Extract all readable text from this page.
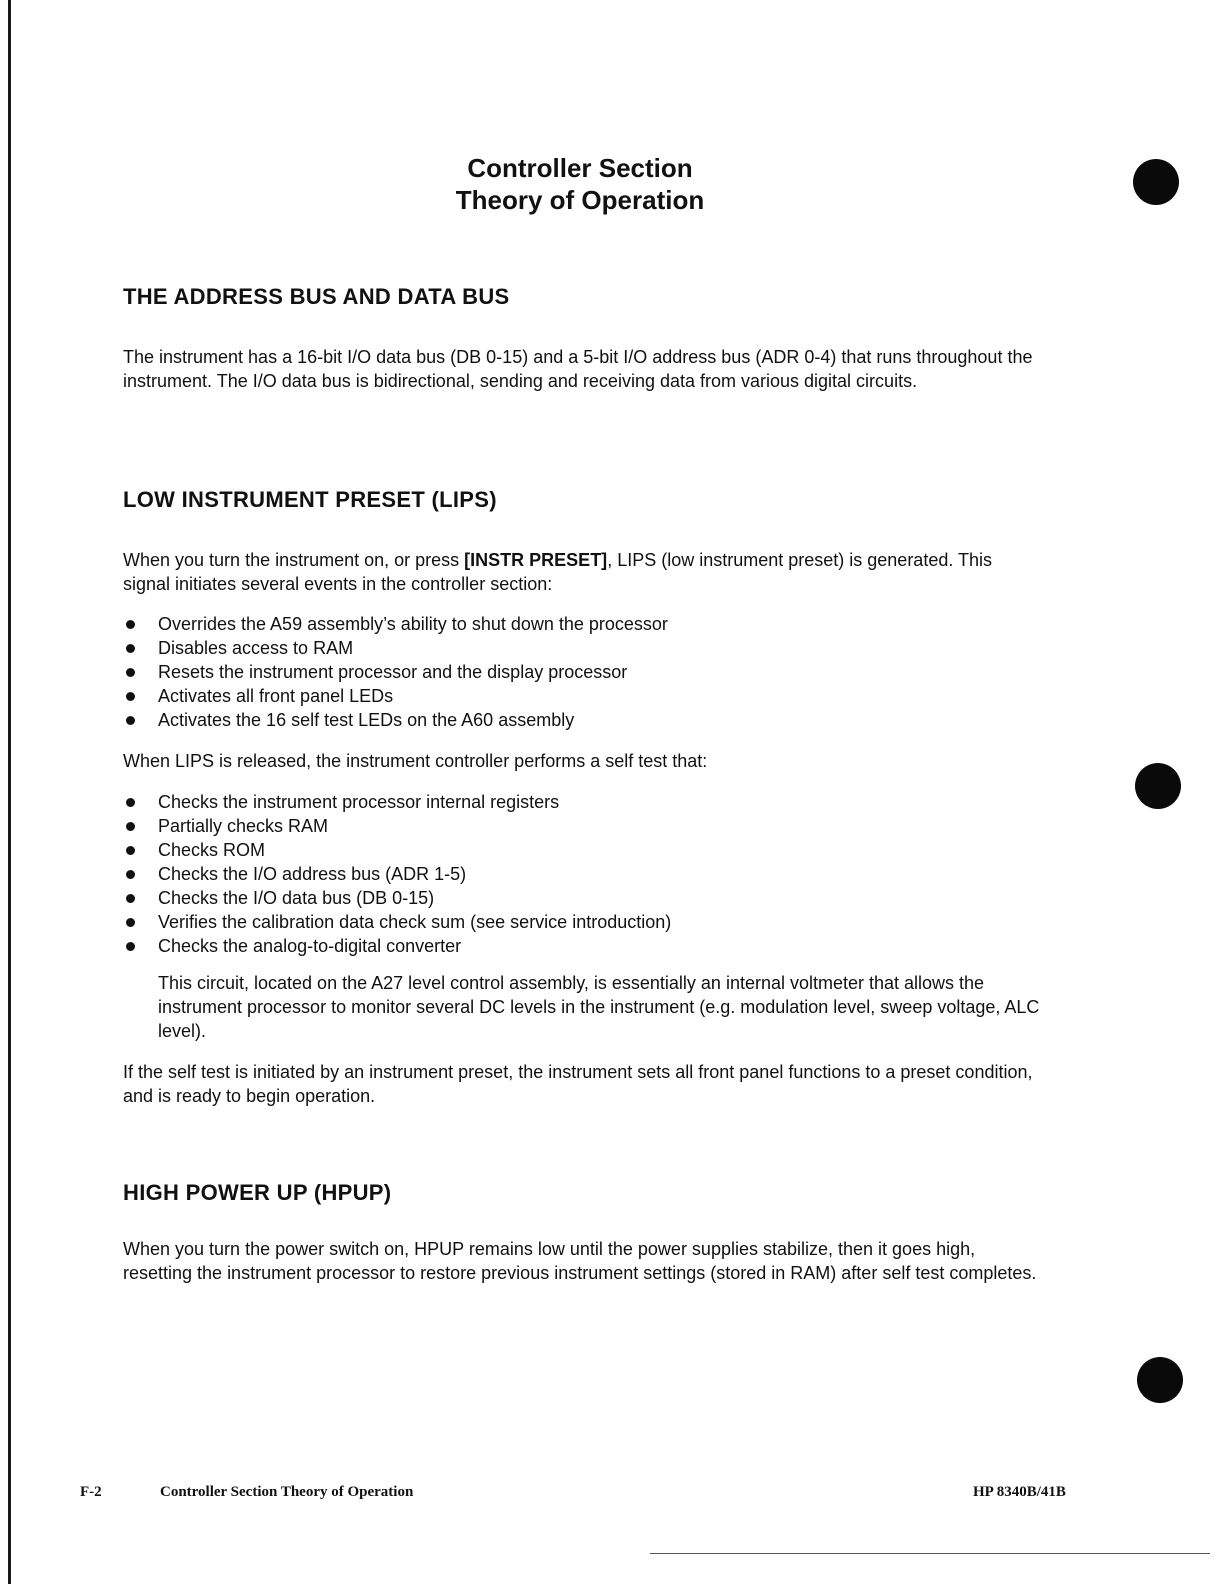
Controller Section
Theory of Operation
THE ADDRESS BUS AND DATA BUS
The instrument has a 16-bit I/O data bus (DB 0-15) and a 5-bit I/O address bus (ADR 0-4) that runs throughout the instrument. The I/O data bus is bidirectional, sending and receiving data from various digital circuits.
LOW INSTRUMENT PRESET (LIPS)
When you turn the instrument on, or press [INSTR PRESET], LIPS (low instrument preset) is generated. This signal initiates several events in the controller section:
Overrides the A59 assembly’s ability to shut down the processor
Disables access to RAM
Resets the instrument processor and the display processor
Activates all front panel LEDs
Activates the 16 self test LEDs on the A60 assembly
When LIPS is released, the instrument controller performs a self test that:
Checks the instrument processor internal registers
Partially checks RAM
Checks ROM
Checks the I/O address bus (ADR 1-5)
Checks the I/O data bus (DB 0-15)
Verifies the calibration data check sum (see service introduction)
Checks the analog-to-digital converter
This circuit, located on the A27 level control assembly, is essentially an internal voltmeter that allows the instrument processor to monitor several DC levels in the instrument (e.g. modulation level, sweep voltage, ALC level).
If the self test is initiated by an instrument preset, the instrument sets all front panel functions to a preset condition, and is ready to begin operation.
HIGH POWER UP (HPUP)
When you turn the power switch on, HPUP remains low until the power supplies stabilize, then it goes high, resetting the instrument processor to restore previous instrument settings (stored in RAM) after self test completes.
F-2	Controller Section Theory of Operation	HP 8340B/41B
